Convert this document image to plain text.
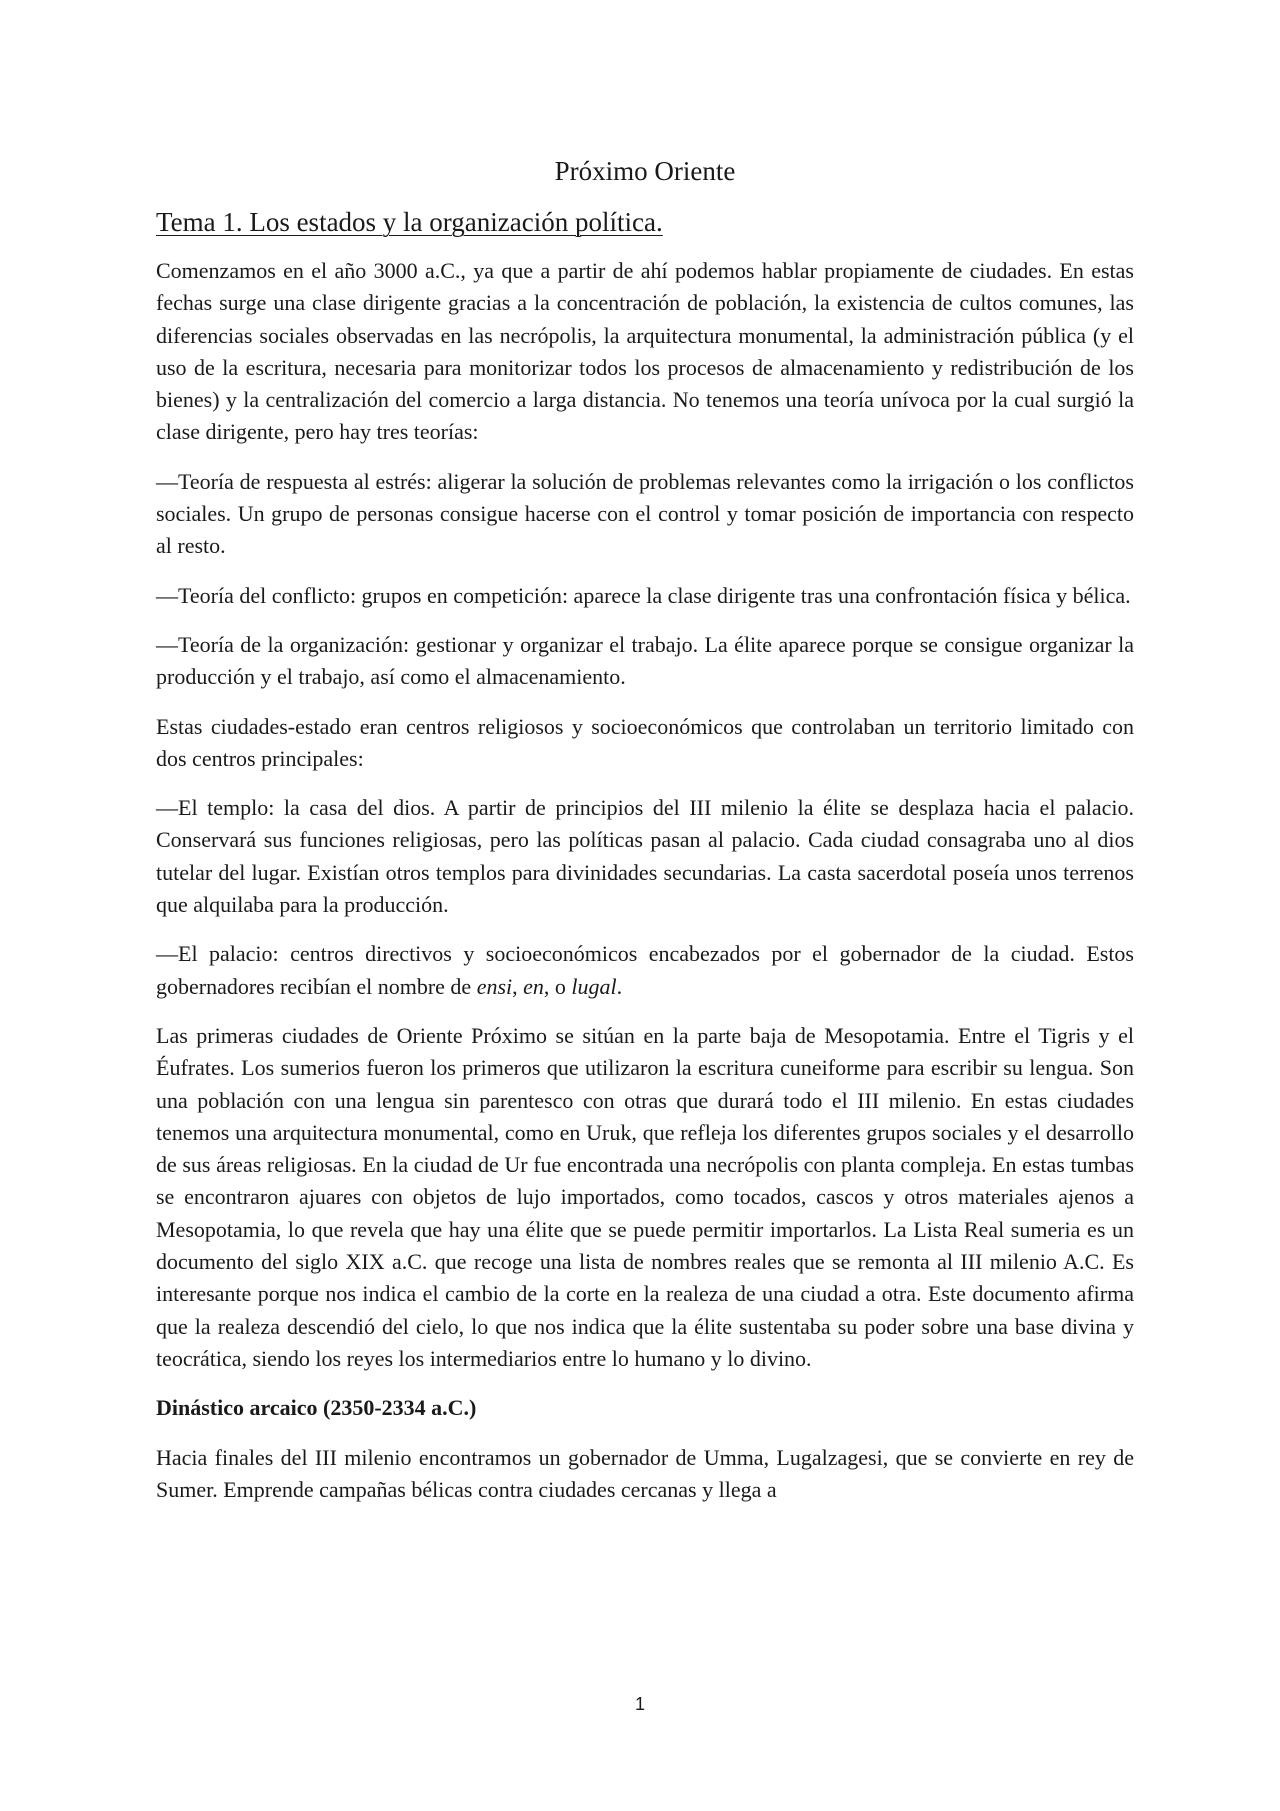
Próximo Oriente
Tema 1. Los estados y la organización política.

Comenzamos en el año 3000 a.C., ya que a partir de ahí podemos hablar propiamente de ciudades. En estas fechas surge una clase dirigente gracias a la concentración de población, la existencia de cultos comunes, las diferencias sociales observadas en las necrópolis, la arquitectura monumental, la administración pública (y el uso de la escritura, necesaria para monitorizar todos los procesos de almacenamiento y redistribución de los bienes) y la centralización del comercio a larga distancia. No tenemos una teoría unívoca por la cual surgió la clase dirigente, pero hay tres teorías:

—Teoría de respuesta al estrés: aligerar la solución de problemas relevantes como la irrigación o los conflictos sociales. Un grupo de personas consigue hacerse con el control y tomar posición de importancia con respecto al resto.

—Teoría del conflicto: grupos en competición: aparece la clase dirigente tras una confrontación física y bélica.

—Teoría de la organización: gestionar y organizar el trabajo. La élite aparece porque se consigue organizar la producción y el trabajo, así como el almacenamiento.

Estas ciudades-estado eran centros religiosos y socioeconómicos que controlaban un territorio limitado con dos centros principales:

—El templo: la casa del dios. A partir de principios del III milenio la élite se desplaza hacia el palacio. Conservará sus funciones religiosas, pero las políticas pasan al palacio. Cada ciudad consagraba uno al dios tutelar del lugar. Existían otros templos para divinidades secundarias. La casta sacerdotal poseía unos terrenos que alquilaba para la producción.

—El palacio: centros directivos y socioeconómicos encabezados por el gobernador de la ciudad. Estos gobernadores recibían el nombre de ensi, en, o lugal.

Las primeras ciudades de Oriente Próximo se sitúan en la parte baja de Mesopotamia. Entre el Tigris y el Éufrates. Los sumerios fueron los primeros que utilizaron la escritura cuneiforme para escribir su lengua. Son una población con una lengua sin parentesco con otras que durará todo el III milenio. En estas ciudades tenemos una arquitectura monumental, como en Uruk, que refleja los diferentes grupos sociales y el desarrollo de sus áreas religiosas. En la ciudad de Ur fue encontrada una necrópolis con planta compleja. En estas tumbas se encontraron ajuares con objetos de lujo importados, como tocados, cascos y otros materiales ajenos a Mesopotamia, lo que revela que hay una élite que se puede permitir importarlos. La Lista Real sumeria es un documento del siglo XIX a.C. que recoge una lista de nombres reales que se remonta al III milenio A.C. Es interesante porque nos indica el cambio de la corte en la realeza de una ciudad a otra. Este documento afirma que la realeza descendió del cielo, lo que nos indica que la élite sustentaba su poder sobre una base divina y teocrática, siendo los reyes los intermediarios entre lo humano y lo divino.

Dinástico arcaico (2350-2334 a.C.)

Hacia finales del III milenio encontramos un gobernador de Umma, Lugalzagesi, que se convierte en rey de Sumer. Emprende campañas bélicas contra ciudades cercanas y llega a

1
